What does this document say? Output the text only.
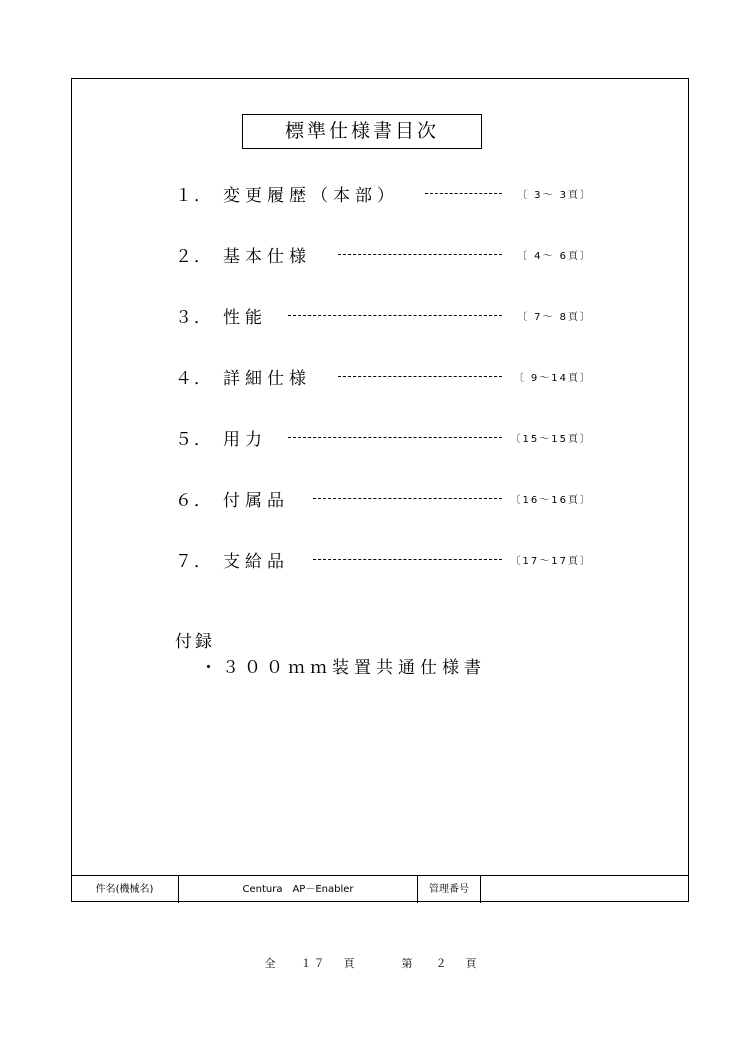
標準仕様書目次
１． 変更履歴（本部）	〔 3～ 3頁〕
２． 基本仕様	〔 4～ 6頁〕
３． 性能	〔 7～ 8頁〕
４． 詳細仕様	〔 9～14頁〕
５． 用力	〔15～15頁〕
６． 付属品	〔16～16頁〕
７． 支給品	〔17～17頁〕
付録
・３００ｍｍ装置共通仕様書
件名(機械名)	Centura　AP－Enabler	管理番号
全 １７ 頁	第 ２ 頁
